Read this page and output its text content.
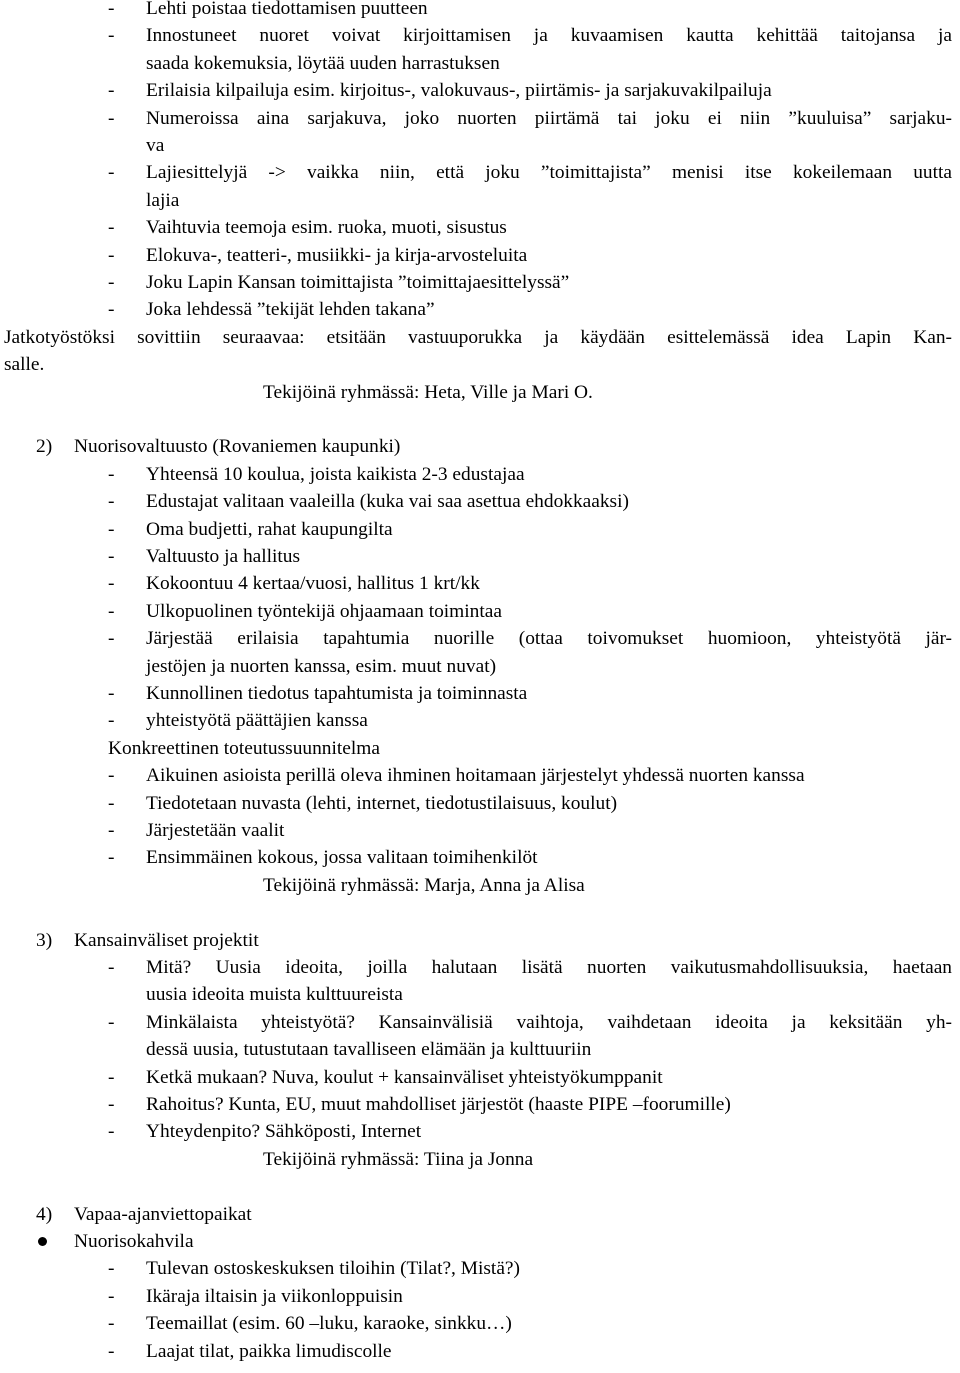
- Lehti poistaa tiedottamisen puutteen
- Innostuneet nuoret voivat kirjoittamisen ja kuvaamisen kautta kehittää taitojansa ja
saada kokemuksia, löytää uuden harrastuksen
- Erilaisia kilpailuja esim. kirjoitus-, valokuvaus-, piirtämis- ja sarjakuvakilpailuja
- Numeroissa aina sarjakuva, joko nuorten piirtämä tai joku ei niin ”kuuluisa” sarjaku-
va
- Lajiesittelyjä -> vaikka niin, että joku ”toimittajista” menisi itse kokeilemaan uutta
lajia
- Vaihtuvia teemoja esim. ruoka, muoti, sisustus
- Elokuva-, teatteri-, musiikki- ja kirja-arvosteluita
- Joku Lapin Kansan toimittajista ”toimittajaesittelyssä”
- Joka lehdessä ”tekijät lehden takana”
Jatkotyöstöksi sovittiin seuraavaa: etsitään vastuuporukka ja käydään esittelemässä idea Lapin Kan-
salle.
Tekijöinä ryhmässä: Heta, Ville ja Mari O.
2) Nuorisovaltuusto (Rovaniemen kaupunki)
- Yhteensä 10 koulua, joista kaikista 2-3 edustajaa
- Edustajat valitaan vaaleilla (kuka vai saa asettua ehdokkaaksi)
- Oma budjetti, rahat kaupungilta
- Valtuusto ja hallitus
- Kokoontuu 4 kertaa/vuosi, hallitus 1 krt/kk
- Ulkopuolinen työntekijä ohjaamaan toimintaa
- Järjestää erilaisia tapahtumia nuorille (ottaa toivomukset huomioon, yhteistyötä jär-
jestöjen ja nuorten kanssa, esim. muut nuvat)
- Kunnollinen tiedotus tapahtumista ja toiminnasta
- yhteistyötä päättäjien kanssa
Konkreettinen toteutussuunnitelma
- Aikuinen asioista perillä oleva ihminen hoitamaan järjestelyt yhdessä nuorten kanssa
- Tiedotetaan nuvasta (lehti, internet, tiedotustilaisuus, koulut)
- Järjestetään vaalit
- Ensimmäinen kokous, jossa valitaan toimihenkilöt
Tekijöinä ryhmässä: Marja, Anna ja Alisa
3) Kansainväliset projektit
- Mitä? Uusia ideoita, joilla halutaan lisätä nuorten vaikutusmahdollisuuksia, haetaan
uusia ideoita muista kulttuureista
- Minkälaista yhteistyötä? Kansainvälisiä vaihtoja, vaihdetaan ideoita ja keksitään yh-
dessä uusia, tutustutaan tavalliseen elämään ja kulttuuriin
- Ketkä mukaan? Nuva, koulut + kansainväliset yhteistyökumppanit
- Rahoitus? Kunta, EU, muut mahdolliset järjestöt (haaste PIPE –foorumille)
- Yhteydenpito? Sähköposti, Internet
Tekijöinä ryhmässä: Tiina ja Jonna
4) Vapaa-ajanviettopaikat
Nuorisokahvila
- Tulevan ostoskeskuksen tiloihin (Tilat?, Mistä?)
- Ikäraja iltaisin ja viikonloppuisin
- Teemaillat (esim. 60 –luku, karaoke, sinkku…)
- Laajat tilat, paikka limudiscolle
